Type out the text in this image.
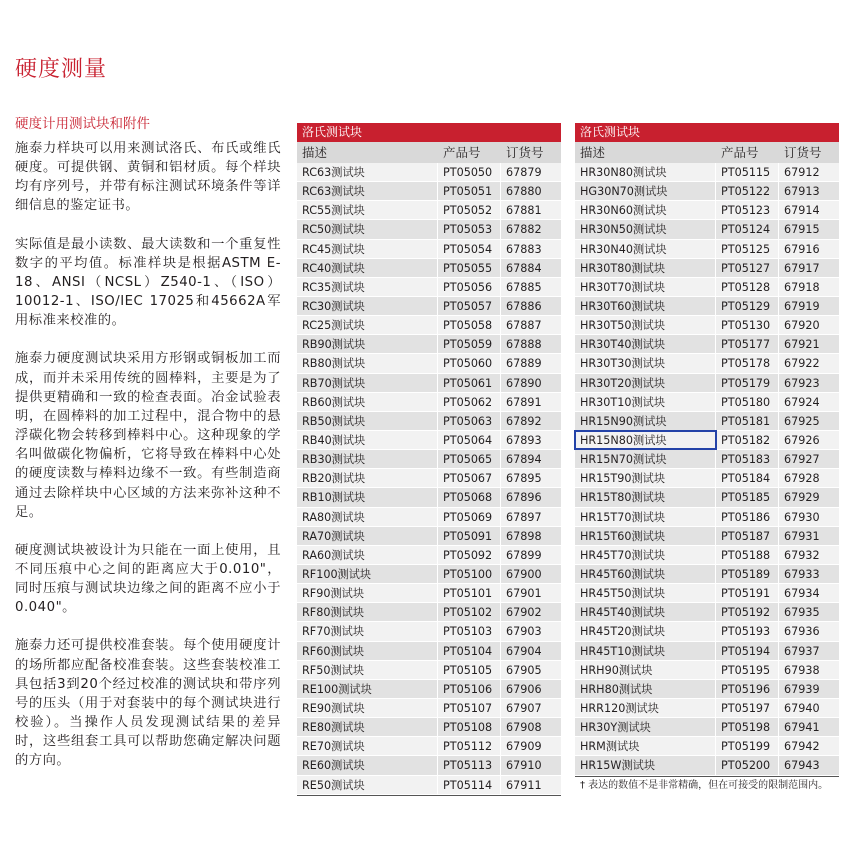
硬度测量
硬度计用测试块和附件

施泰力样块可以用来测试洛氏、布氏或维氏硬度。可提供钢、黄铜和铝材质。每个样块均有序列号，并带有标注测试环境条件等详细信息的鉴定证书。

实际值是最小读数、最大读数和一个重复性数字的平均值。标准样块是根据ASTM E-18、ANSI（NCSL）Z540-1、（ISO）10012-1、ISO/IEC 17025和45662A军用标准来校准的。

施泰力硬度测试块采用方形钢或铜板加工而成，而并未采用传统的圆棒料，主要是为了提供更精确和一致的检查表面。冶金试验表明，在圆棒料的加工过程中，混合物中的悬浮碳化物会转移到棒料中心。这种现象的学名叫做碳化物偏析，它将导致在棒料中心处的硬度读数与棒料边缘不一致。有些制造商通过去除样块中心区域的方法来弥补这种不足。

硬度测试块被设计为只能在一面上使用，且不同压痕中心之间的距离应大于0.010"，同时压痕与测试块边缘之间的距离不应小于0.040"。

施泰力还可提供校准套装。每个使用硬度计的场所都应配备校准套装。这些套装校准工具包括3到20个经过校准的测试块和带序列号的压头（用于对套装中的每个测试块进行校验）。当操作人员发现测试结果的差异时，这些组套工具可以帮助您确定解决问题的方向。

洛氏测试块
描述	产品号	订货号
RC63测试块	PT05050	67879
RC63测试块	PT05051	67880
RC55测试块	PT05052	67881
RC50测试块	PT05053	67882
RC45测试块	PT05054	67883
RC40测试块	PT05055	67884
RC35测试块	PT05056	67885
RC30测试块	PT05057	67886
RC25测试块	PT05058	67887
RB90测试块	PT05059	67888
RB80测试块	PT05060	67889
RB70测试块	PT05061	67890
RB60测试块	PT05062	67891
RB50测试块	PT05063	67892
RB40测试块	PT05064	67893
RB30测试块	PT05065	67894
RB20测试块	PT05067	67895
RB10测试块	PT05068	67896
RA80测试块	PT05069	67897
RA70测试块	PT05091	67898
RA60测试块	PT05092	67899
RF100测试块	PT05100	67900
RF90测试块	PT05101	67901
RF80测试块	PT05102	67902
RF70测试块	PT05103	67903
RF60测试块	PT05104	67904
RF50测试块	PT05105	67905
RE100测试块	PT05106	67906
RE90测试块	PT05107	67907
RE80测试块	PT05108	67908
RE70测试块	PT05112	67909
RE60测试块	PT05113	67910
RE50测试块	PT05114	67911
洛氏测试块
描述	产品号	订货号
HR30N80测试块	PT05115	67912
HG30N70测试块	PT05122	67913
HR30N60测试块	PT05123	67914
HR30N50测试块	PT05124	67915
HR30N40测试块	PT05125	67916
HR30T80测试块	PT05127	67917
HR30T70测试块	PT05128	67918
HR30T60测试块	PT05129	67919
HR30T50测试块	PT05130	67920
HR30T40测试块	PT05177	67921
HR30T30测试块	PT05178	67922
HR30T20测试块	PT05179	67923
HR30T10测试块	PT05180	67924
HR15N90测试块	PT05181	67925
HR15N80测试块	PT05182	67926
HR15N70测试块	PT05183	67927
HR15T90测试块	PT05184	67928
HR15T80测试块	PT05185	67929
HR15T70测试块	PT05186	67930
HR15T60测试块	PT05187	67931
HR45T70测试块	PT05188	67932
HR45T60测试块	PT05189	67933
HR45T50测试块	PT05191	67934
HR45T40测试块	PT05192	67935
HR45T20测试块	PT05193	67936
HR45T10测试块	PT05194	67937
HRH90测试块	PT05195	67938
HRH80测试块	PT05196	67939
HRR120测试块	PT05197	67940
HR30Y测试块	PT05198	67941
HRM测试块	PT05199	67942
HR15W测试块	PT05200	67943
† 表达的数值不是非常精确，但在可接受的限制范围内。
